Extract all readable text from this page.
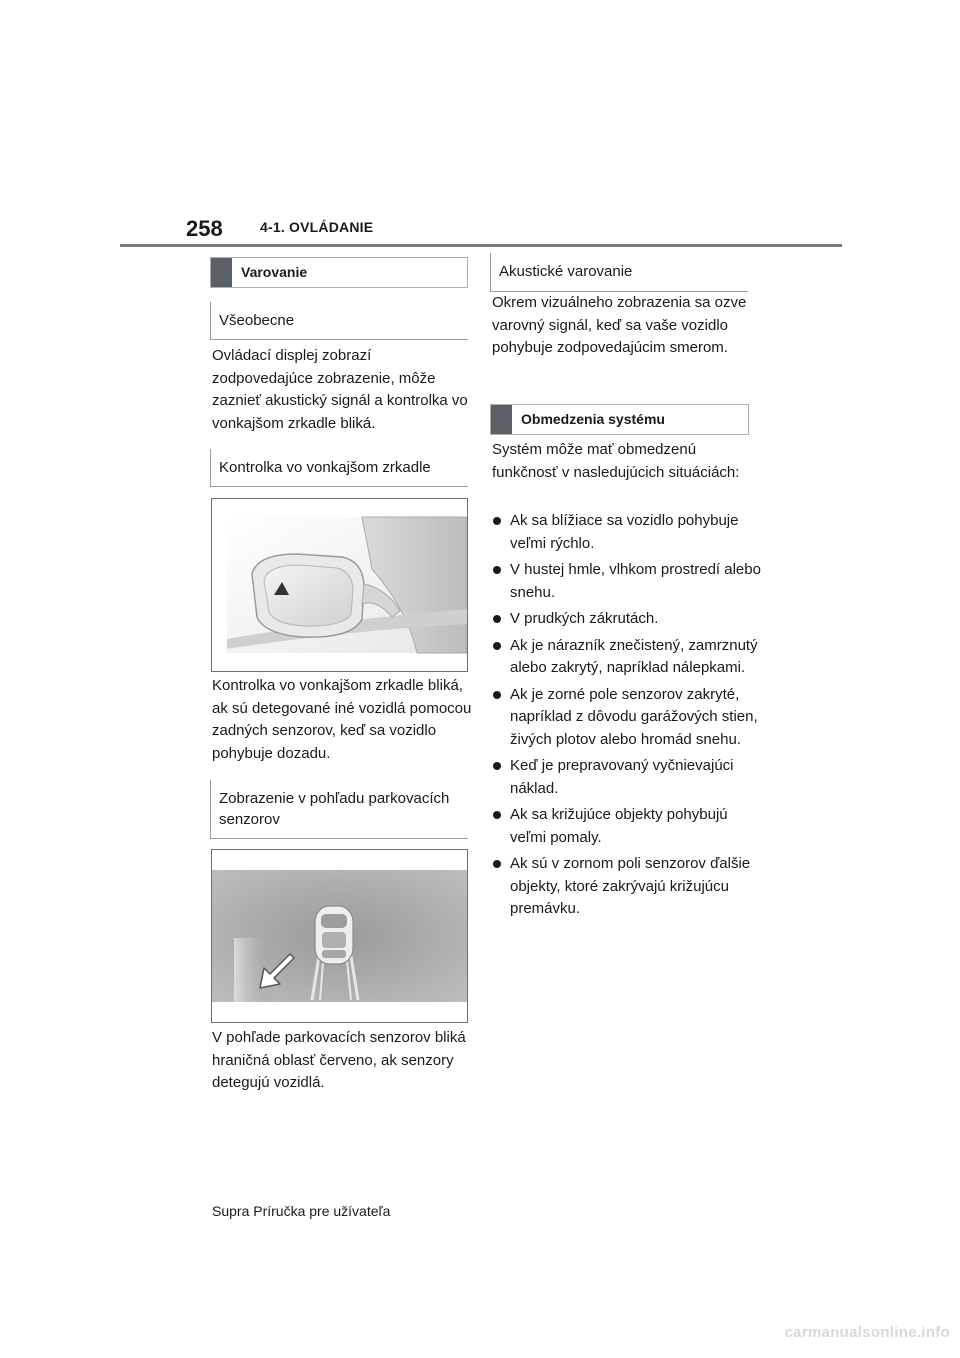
258	4-1. OVLÁDANIE
Varovanie
Všeobecne
Ovládací displej zobrazí zodpovedajúce zobrazenie, môže zaznieť akustický signál a kontrolka vo vonkajšom zrkadle bliká.
Kontrolka vo vonkajšom zrkadle
Kontrolka vo vonkajšom zrkadle bliká, ak sú detegované iné vozidlá pomocou zadných senzorov, keď sa vozidlo pohybuje dozadu.
Zobrazenie v pohľadu parkovacích senzorov
V pohľade parkovacích senzorov bliká hraničná oblasť červeno, ak senzory detegujú vozidlá.
Akustické varovanie
Okrem vizuálneho zobrazenia sa ozve varovný signál, keď sa vaše vozidlo pohybuje zodpovedajúcim smerom.
Obmedzenia systému
Systém môže mať obmedzenú funkčnosť v nasledujúcich situáciách:
Ak sa blížiace sa vozidlo pohybuje veľmi rýchlo.
V hustej hmle, vlhkom prostredí alebo snehu.
V prudkých zákrutách.
Ak je nárazník znečistený, zamrznutý alebo zakrytý, napríklad nálepkami.
Ak je zorné pole senzorov zakryté, napríklad z dôvodu garážových stien, živých plotov alebo hromád snehu.
Keď je prepravovaný vyčnievajúci náklad.
Ak sa križujúce objekty pohybujú veľmi pomaly.
Ak sú v zornom poli senzorov ďalšie objekty, ktoré zakrývajú križujúcu premávku.
Supra Príručka pre užívateľa
carmanualsonline.info
